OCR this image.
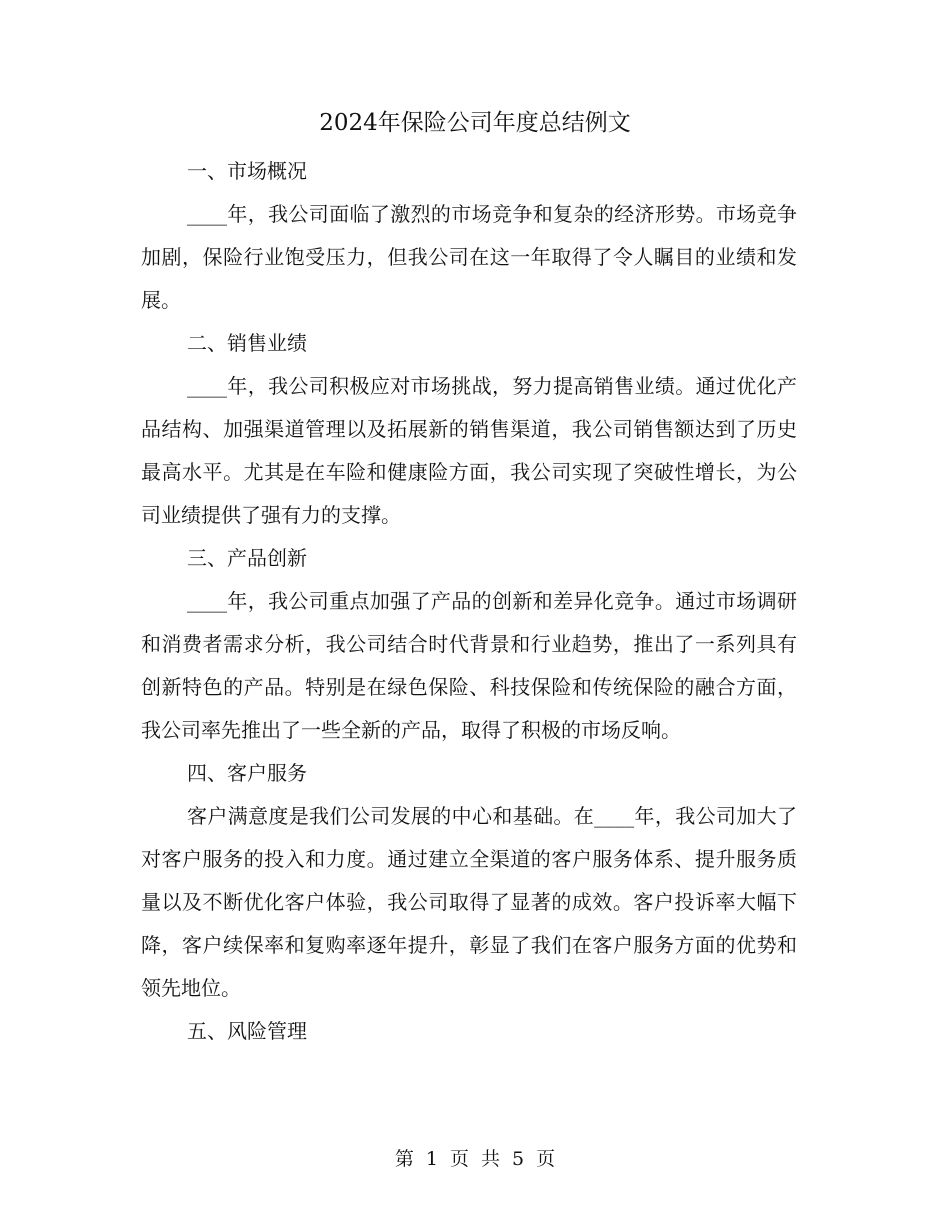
2024年保险公司年度总结例文

一、市场概况

____年，我公司面临了激烈的市场竞争和复杂的经济形势。市场竞争加剧，保险行业饱受压力，但我公司在这一年取得了令人瞩目的业绩和发展。

二、销售业绩

____年，我公司积极应对市场挑战，努力提高销售业绩。通过优化产品结构、加强渠道管理以及拓展新的销售渠道，我公司销售额达到了历史最高水平。尤其是在车险和健康险方面，我公司实现了突破性增长，为公司业绩提供了强有力的支撑。

三、产品创新

____年，我公司重点加强了产品的创新和差异化竞争。通过市场调研和消费者需求分析，我公司结合时代背景和行业趋势，推出了一系列具有创新特色的产品。特别是在绿色保险、科技保险和传统保险的融合方面，我公司率先推出了一些全新的产品，取得了积极的市场反响。

四、客户服务

客户满意度是我们公司发展的中心和基础。在____年，我公司加大了对客户服务的投入和力度。通过建立全渠道的客户服务体系、提升服务质量以及不断优化客户体验，我公司取得了显著的成效。客户投诉率大幅下降，客户续保率和复购率逐年提升，彰显了我们在客户服务方面的优势和领先地位。

五、风险管理

第 1 页 共 5 页
